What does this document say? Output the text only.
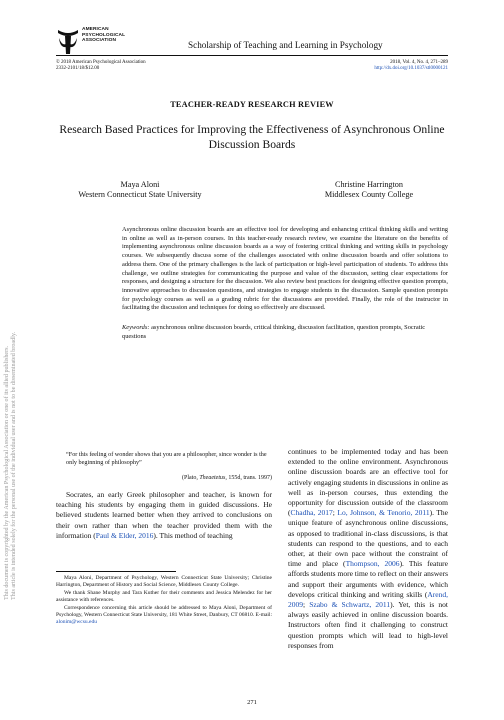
This document is copyrighted by the American Psychological Association or one of its allied publishers. This article is intended solely for the personal use of the individual user and is not to be disseminated broadly.
AMERICAN
PSYCHOLOGICAL
ASSOCIATION	Scholarship of Teaching and Learning in Psychology
© 2018 American Psychological Association
2332-2101/18/$12.00
2018, Vol. 4, No. 4, 271–289
http://dx.doi.org/10.1037/stl0000121
TEACHER-READY RESEARCH REVIEW
Research Based Practices for Improving the Effectiveness of Asynchronous Online Discussion Boards
Maya Aloni
Western Connecticut State University
Christine Harrington
Middlesex County College
Asynchronous online discussion boards are an effective tool for developing and enhancing critical thinking skills and writing in online as well as in-person courses. In this teacher-ready research review, we examine the literature on the benefits of implementing asynchronous online discussion boards as a way of fostering critical thinking and writing skills in psychology courses. We subsequently discuss some of the challenges associated with online discussion boards and offer solutions to address them. One of the primary challenges is the lack of participation or high-level participation of students. To address this challenge, we outline strategies for communicating the purpose and value of the discussion, setting clear expectations for responses, and designing a structure for the discussion. We also review best practices for designing effective question prompts, innovative approaches to discussion questions, and strategies to engage students in the discussion. Sample question prompts for psychology courses as well as a grading rubric for the discussions are provided. Finally, the role of the instructor in facilitating the discussion and techniques for doing so effectively are discussed.
Keywords: asynchronous online discussion boards, critical thinking, discussion facilitation, question prompts, Socratic questions
“For this feeling of wonder shows that you are a philosopher, since wonder is the only beginning of philosophy”
(Plato, Theaetetus, 155d, trans. 1997)
Socrates, an early Greek philosopher and teacher, is known for teaching his students by engaging them in guided discussions. He believed students learned better when they arrived to conclusions on their own rather than when the teacher provided them with the information (Paul & Elder, 2016). This method of teaching
continues to be implemented today and has been extended to the online environment. Asynchronous online discussion boards are an effective tool for actively engaging students in discussions in online as well as in-person courses, thus extending the opportunity for discussion outside of the classroom (Chadha, 2017; Lo, Johnson, & Tenorio, 2011). The unique feature of asynchronous online discussions, as opposed to traditional in-class discussions, is that students can respond to the questions, and to each other, at their own pace without the constraint of time and place (Thompson, 2006). This feature affords students more time to reflect on their answers and support their arguments with evidence, which develops critical thinking and writing skills (Arend, 2009; Szabo & Schwartz, 2011). Yet, this is not always easily achieved in online discussion boards. Instructors often find it challenging to construct question prompts which will lead to high-level responses from

Maya Aloni, Department of Psychology, Western Connecticut State University; Christine Harrington, Department of History and Social Science, Middlesex County College.

We thank Shane Murphy and Tara Kuther for their comments and Jessica Melendez for her assistance with references.

Correspondence concerning this article should be addressed to Maya Aloni, Department of Psychology, Western Connecticut State University, 181 White Street, Danbury, CT 06810. E-mail: alonim@wcsu.edu

271
